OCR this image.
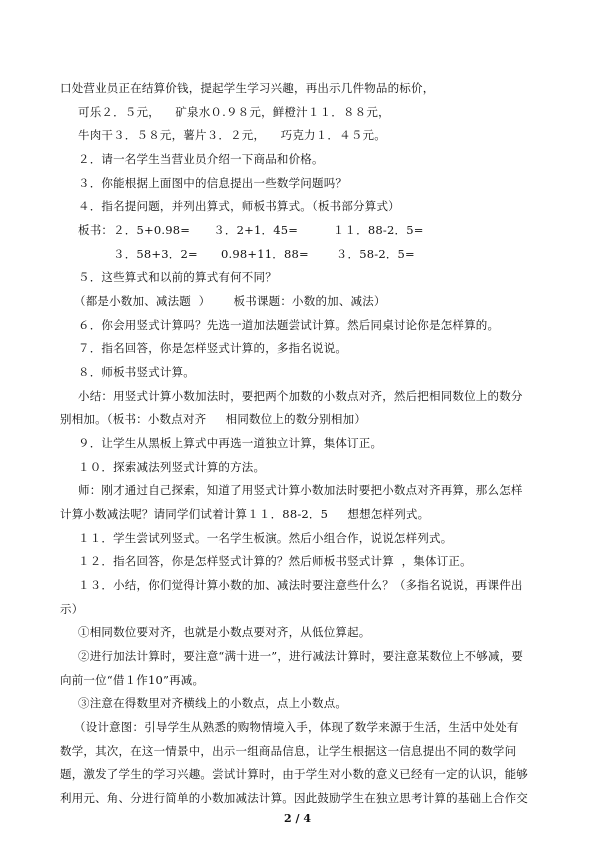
口处营业员正在结算价钱，提起学生学习兴趣，再出示几件物品的标价，
可乐２．５元，    矿泉水０.９８元，鲜橙汁１１．８８元，
牛肉干３．５８元，薯片３．２元，    巧克力１．４５元。
２．请一名学生当营业员介绍一下商品和价格。
３．你能根据上面图中的信息提出一些数学问题吗？
４．指名提问题，并列出算式，师板书算式。（板书部分算式）
板书：２．5+0.98=      ３．2+1．45=         １１．88-2．5=
３．58+3．2=      0.98+11．88=       ３．58-2．5=
５．这些算式和以前的算式有何不同？
（都是小数加、减法题  ）      板书课题：小数的加、减法）
６．你会用竖式计算吗？先选一道加法题尝试计算。然后同桌讨论你是怎样算的。
７．指名回答，你是怎样竖式计算的，多指名说说。
８．师板书竖式计算。
小结：用竖式计算小数加法时，要把两个加数的小数点对齐，然后把相同数位上的数分
别相加。（板书：小数点对齐     相同数位上的数分别相加）
９．让学生从黑板上算式中再选一道独立计算，集体订正。
１０．探索减法列竖式计算的方法。
师：刚才通过自己探索，知道了用竖式计算小数加法时要把小数点对齐再算，那么怎样
计算小数减法呢？请同学们试着计算１１．88-2．5     想想怎样列式。
１１．学生尝试列竖式。一名学生板演。然后小组合作，说说怎样列式。
１２．指名回答，你是怎样竖式计算的？然后师板书竖式计算  ，集体订正。
１３．小结，你们觉得计算小数的加、减法时要注意些什么？（多指名说说，再课件出
示）
①相同数位要对齐，也就是小数点要对齐，从低位算起。
②进行加法计算时，要注意“满十进一”，进行减法计算时，要注意某数位上不够减，要
向前一位“借１作10”再减。
③注意在得数里对齐横线上的小数点，点上小数点。
（设计意图：引导学生从熟悉的购物情境入手，体现了数学来源于生活，生活中处处有
数学，其次，在这一情景中，出示一组商品信息，让学生根据这一信息提出不同的数学问
题，激发了学生的学习兴趣。尝试计算时，由于学生对小数的意义已经有一定的认识，能够
利用元、角、分进行简单的小数加减法计算。因此鼓励学生在独立思考计算的基础上合作交
2 / 4
